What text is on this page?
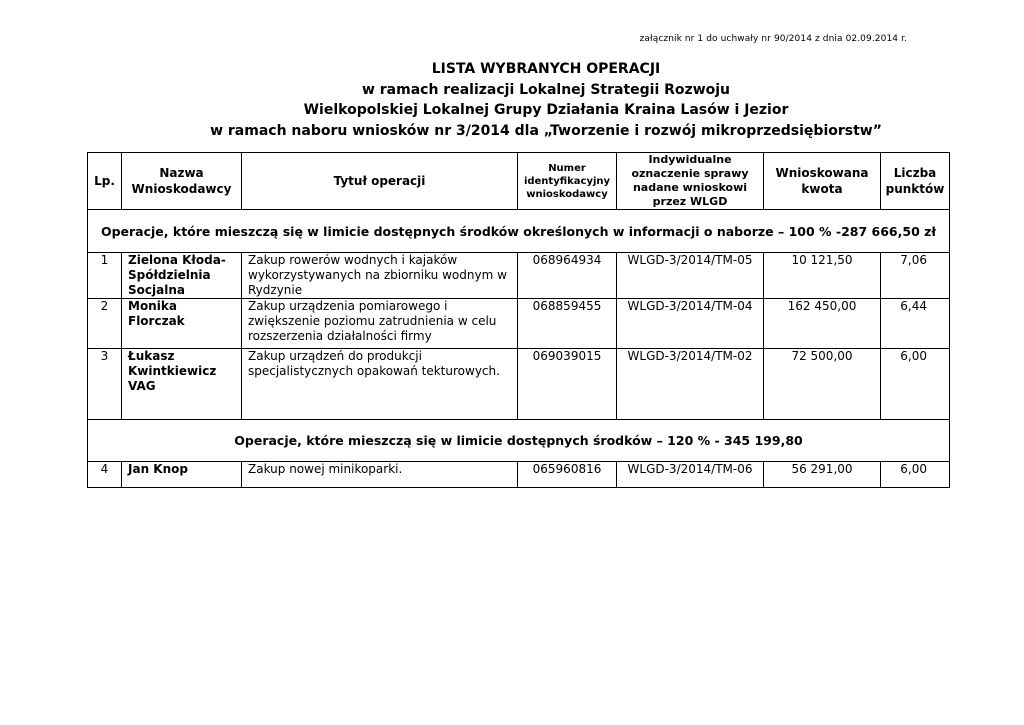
załącznik nr 1 do uchwały nr 90/2014 z dnia 02.09.2014 r.
LISTA WYBRANYCH OPERACJI
w ramach realizacji Lokalnej Strategii Rozwoju
Wielkopolskiej Lokalnej Grupy Działania Kraina Lasów i Jezior
w ramach naboru wniosków nr 3/2014 dla „Tworzenie i rozwój mikroprzedsiębiorstw”
Lp.	Nazwa Wnioskodawcy	Tytuł operacji	Numer identyfikacyjny wnioskodawcy	Indywidualne oznaczenie sprawy nadane wnioskowi przez WLGD	Wnioskowana kwota	Liczba punktów
Operacje, które mieszczą się w limicie dostępnych środków określonych w informacji o naborze – 100 % -287 666,50 zł						
1	Zielona Kłoda- Spółdzielnia Socjalna	Zakup rowerów wodnych i kajaków wykorzystywanych na zbiorniku wodnym w Rydzynie	068964934	WLGD-3/2014/TM-05	10 121,50	7,06
2	Monika Florczak	Zakup urządzenia pomiarowego i zwiększenie poziomu zatrudnienia w celu rozszerzenia działalności firmy	068859455	WLGD-3/2014/TM-04	162 450,00	6,44
3	Łukasz Kwintkiewicz VAG	Zakup urządzeń do produkcji specjalistycznych opakowań tekturowych.	069039015	WLGD-3/2014/TM-02	72 500,00	6,00
Operacje, które mieszczą się w limicie dostępnych środków – 120 % - 345 199,80						
4	Jan Knop	Zakup nowej minikoparki.	065960816	WLGD-3/2014/TM-06	56 291,00	6,00
